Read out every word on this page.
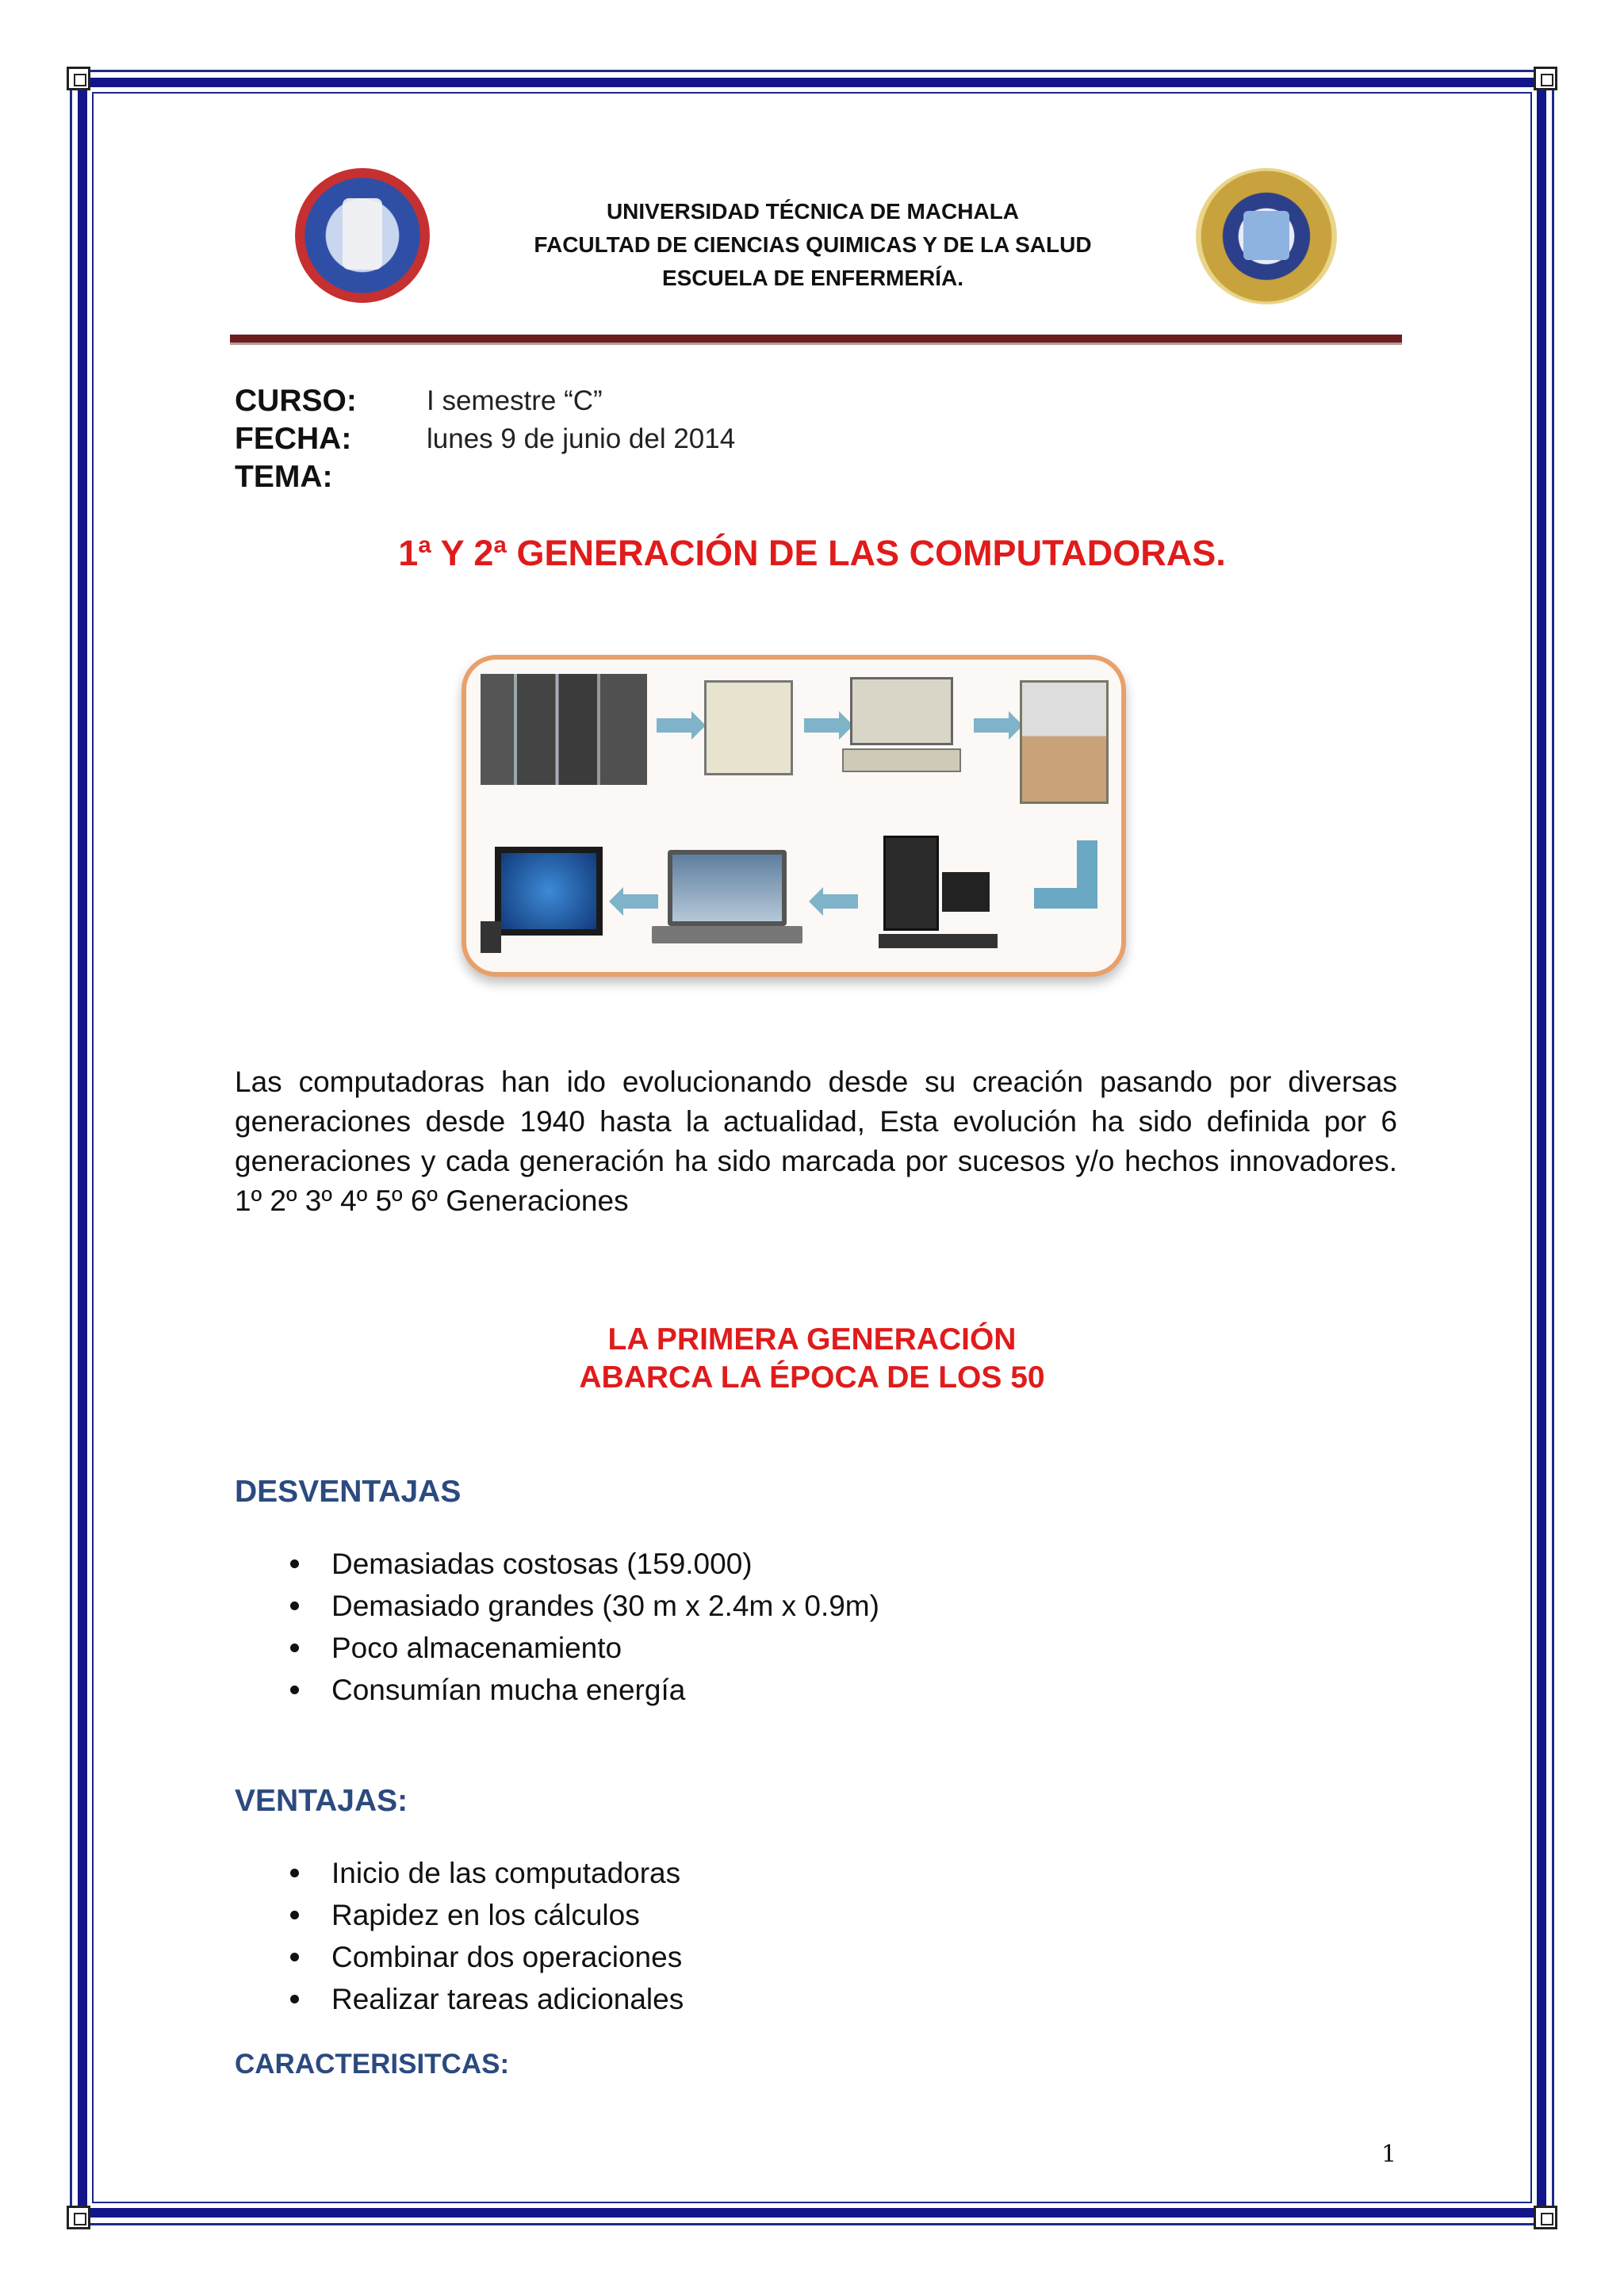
UNIVERSIDAD TÉCNICA DE MACHALA
FACULTAD DE CIENCIAS QUIMICAS Y DE LA SALUD
ESCUELA DE ENFERMERÍA.
CURSO:	I semestre “C”
FECHA:	lunes 9 de junio del 2014
TEMA:
1ª Y 2ª GENERACIÓN DE LAS COMPUTADORAS.
Las computadoras han ido evolucionando desde su creación pasando por diversas generaciones desde 1940 hasta la actualidad, Esta evolución ha sido definida por 6 generaciones y cada generación ha sido marcada por sucesos y/o hechos innovadores. 1º 2º 3º 4º 5º 6º Generaciones
LA PRIMERA GENERACIÓN
ABARCA LA ÉPOCA DE LOS 50
DESVENTAJAS
Demasiadas costosas (159.000)
Demasiado grandes (30 m x 2.4m x 0.9m)
Poco almacenamiento
Consumían mucha energía
VENTAJAS:
Inicio de las computadoras
Rapidez en los cálculos
Combinar dos operaciones
Realizar tareas adicionales
CARACTERISITCAS:
1
